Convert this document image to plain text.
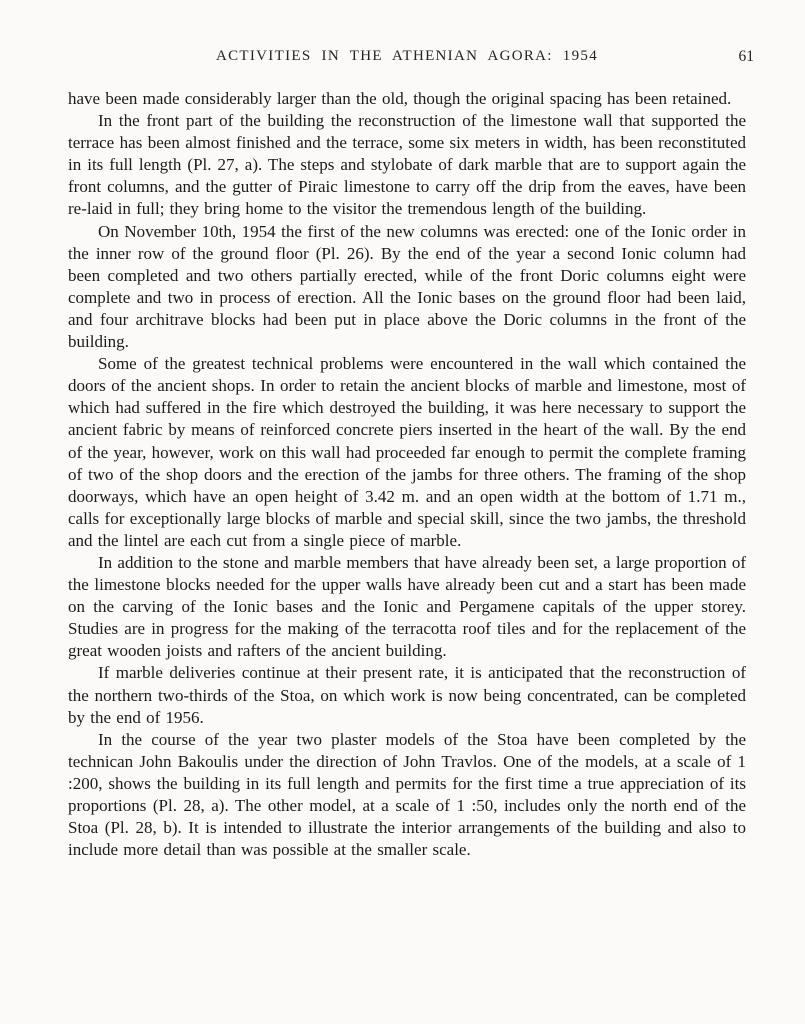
ACTIVITIES IN THE ATHENIAN AGORA: 1954	61

have been made considerably larger than the old, though the original spacing has been retained.

In the front part of the building the reconstruction of the limestone wall that supported the terrace has been almost finished and the terrace, some six meters in width, has been reconstituted in its full length (Pl. 27, a). The steps and stylobate of dark marble that are to support again the front columns, and the gutter of Piraic limestone to carry off the drip from the eaves, have been re-laid in full; they bring home to the visitor the tremendous length of the building.

On November 10th, 1954 the first of the new columns was erected: one of the Ionic order in the inner row of the ground floor (Pl. 26). By the end of the year a second Ionic column had been completed and two others partially erected, while of the front Doric columns eight were complete and two in process of erection. All the Ionic bases on the ground floor had been laid, and four architrave blocks had been put in place above the Doric columns in the front of the building.

Some of the greatest technical problems were encountered in the wall which contained the doors of the ancient shops. In order to retain the ancient blocks of marble and limestone, most of which had suffered in the fire which destroyed the building, it was here necessary to support the ancient fabric by means of reinforced concrete piers inserted in the heart of the wall. By the end of the year, however, work on this wall had proceeded far enough to permit the complete framing of two of the shop doors and the erection of the jambs for three others. The framing of the shop doorways, which have an open height of 3.42 m. and an open width at the bottom of 1.71 m., calls for exceptionally large blocks of marble and special skill, since the two jambs, the threshold and the lintel are each cut from a single piece of marble.

In addition to the stone and marble members that have already been set, a large proportion of the limestone blocks needed for the upper walls have already been cut and a start has been made on the carving of the Ionic bases and the Ionic and Pergamene capitals of the upper storey. Studies are in progress for the making of the terracotta roof tiles and for the replacement of the great wooden joists and rafters of the ancient building.

If marble deliveries continue at their present rate, it is anticipated that the reconstruction of the northern two-thirds of the Stoa, on which work is now being concentrated, can be completed by the end of 1956.

In the course of the year two plaster models of the Stoa have been completed by the technican John Bakoulis under the direction of John Travlos. One of the models, at a scale of 1 :200, shows the building in its full length and permits for the first time a true appreciation of its proportions (Pl. 28, a). The other model, at a scale of 1 :50, includes only the north end of the Stoa (Pl. 28, b). It is intended to illustrate the interior arrangements of the building and also to include more detail than was possible at the smaller scale.
